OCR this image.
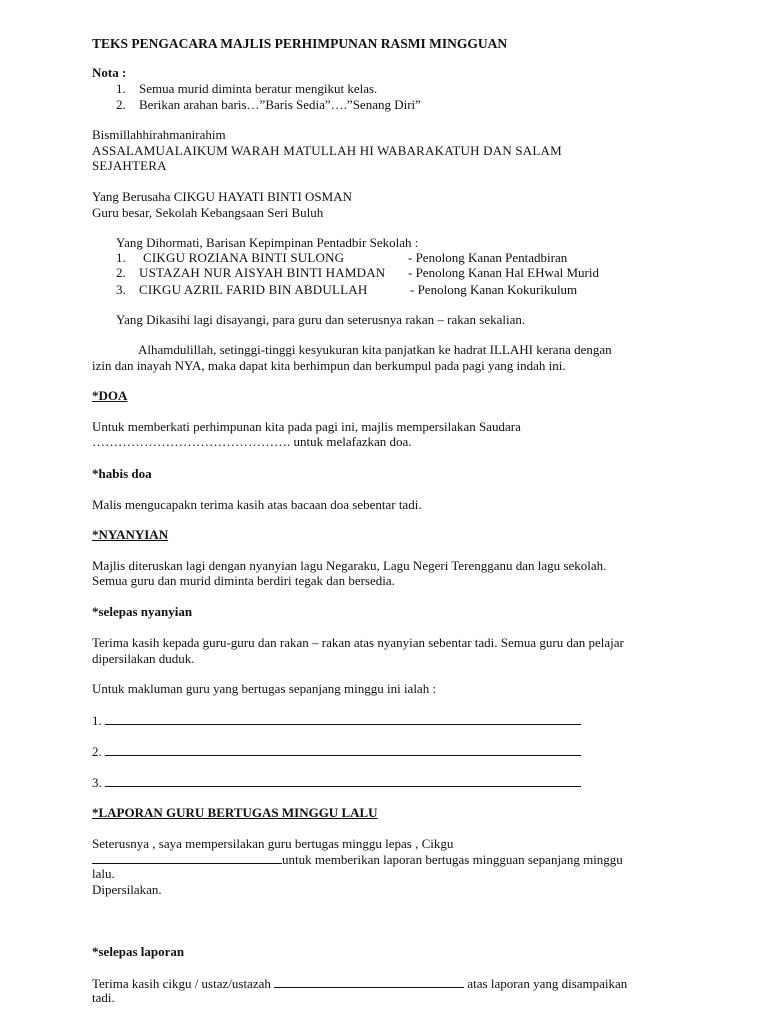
TEKS PENGACARA MAJLIS PERHIMPUNAN RASMI MINGGUAN
Nota :
1. Semua murid diminta beratur mengikut kelas.
2. Berikan arahan baris…”Baris Sedia”….”Senang Diri”
Bismillahhirahmanirahim
ASSALAMUALAIKUM WARAH MATULLAH HI WABARAKATUH DAN SALAM
SEJAHTERA
Yang Berusaha CIKGU HAYATI BINTI OSMAN
Guru besar, Sekolah Kebangsaan Seri Buluh
Yang Dihormati, Barisan Kepimpinan Pentadbir Sekolah :
1. CIKGU ROZIANA BINTI SULONG	- Penolong Kanan Pentadbiran
2. USTAZAH NUR AISYAH BINTI HAMDAN - Penolong Kanan Hal EHwal Murid
3. CIKGU AZRIL FARID BIN ABDULLAH	- Penolong Kanan Kokurikulum
Yang Dikasihi lagi disayangi, para guru dan seterusnya rakan – rakan sekalian.
Alhamdulillah, setinggi-tinggi kesyukuran kita panjatkan ke hadrat ILLAHI kerana dengan
izin dan inayah NYA, maka dapat kita berhimpun dan berkumpul pada pagi yang indah ini.
*DOA
Untuk memberkati perhimpunan kita pada pagi ini, majlis mempersilakan Saudara
………………………………………. untuk melafazkan doa.
*habis doa
Malis mengucapakn terima kasih atas bacaan doa sebentar tadi.
*NYANYIAN
Majlis diteruskan lagi dengan nyanyian lagu Negaraku, Lagu Negeri Terengganu dan lagu sekolah.
Semua guru dan murid diminta berdiri tegak dan bersedia.
*selepas nyanyian
Terima kasih kepada guru-guru dan rakan – rakan atas nyanyian sebentar tadi. Semua guru dan pelajar
dipersilakan duduk.
Untuk makluman guru yang bertugas sepanjang minggu ini ialah :
1.
2.
3.
*LAPORAN GURU BERTUGAS MINGGU LALU
Seterusnya , saya mempersilakan guru bertugas minggu lepas , Cikgu
untuk memberikan laporan bertugas mingguan sepanjang minggu
lalu.
Dipersilakan.
*selepas laporan
Terima kasih cikgu / ustaz/ustazah	atas laporan yang disampaikan
tadi.
